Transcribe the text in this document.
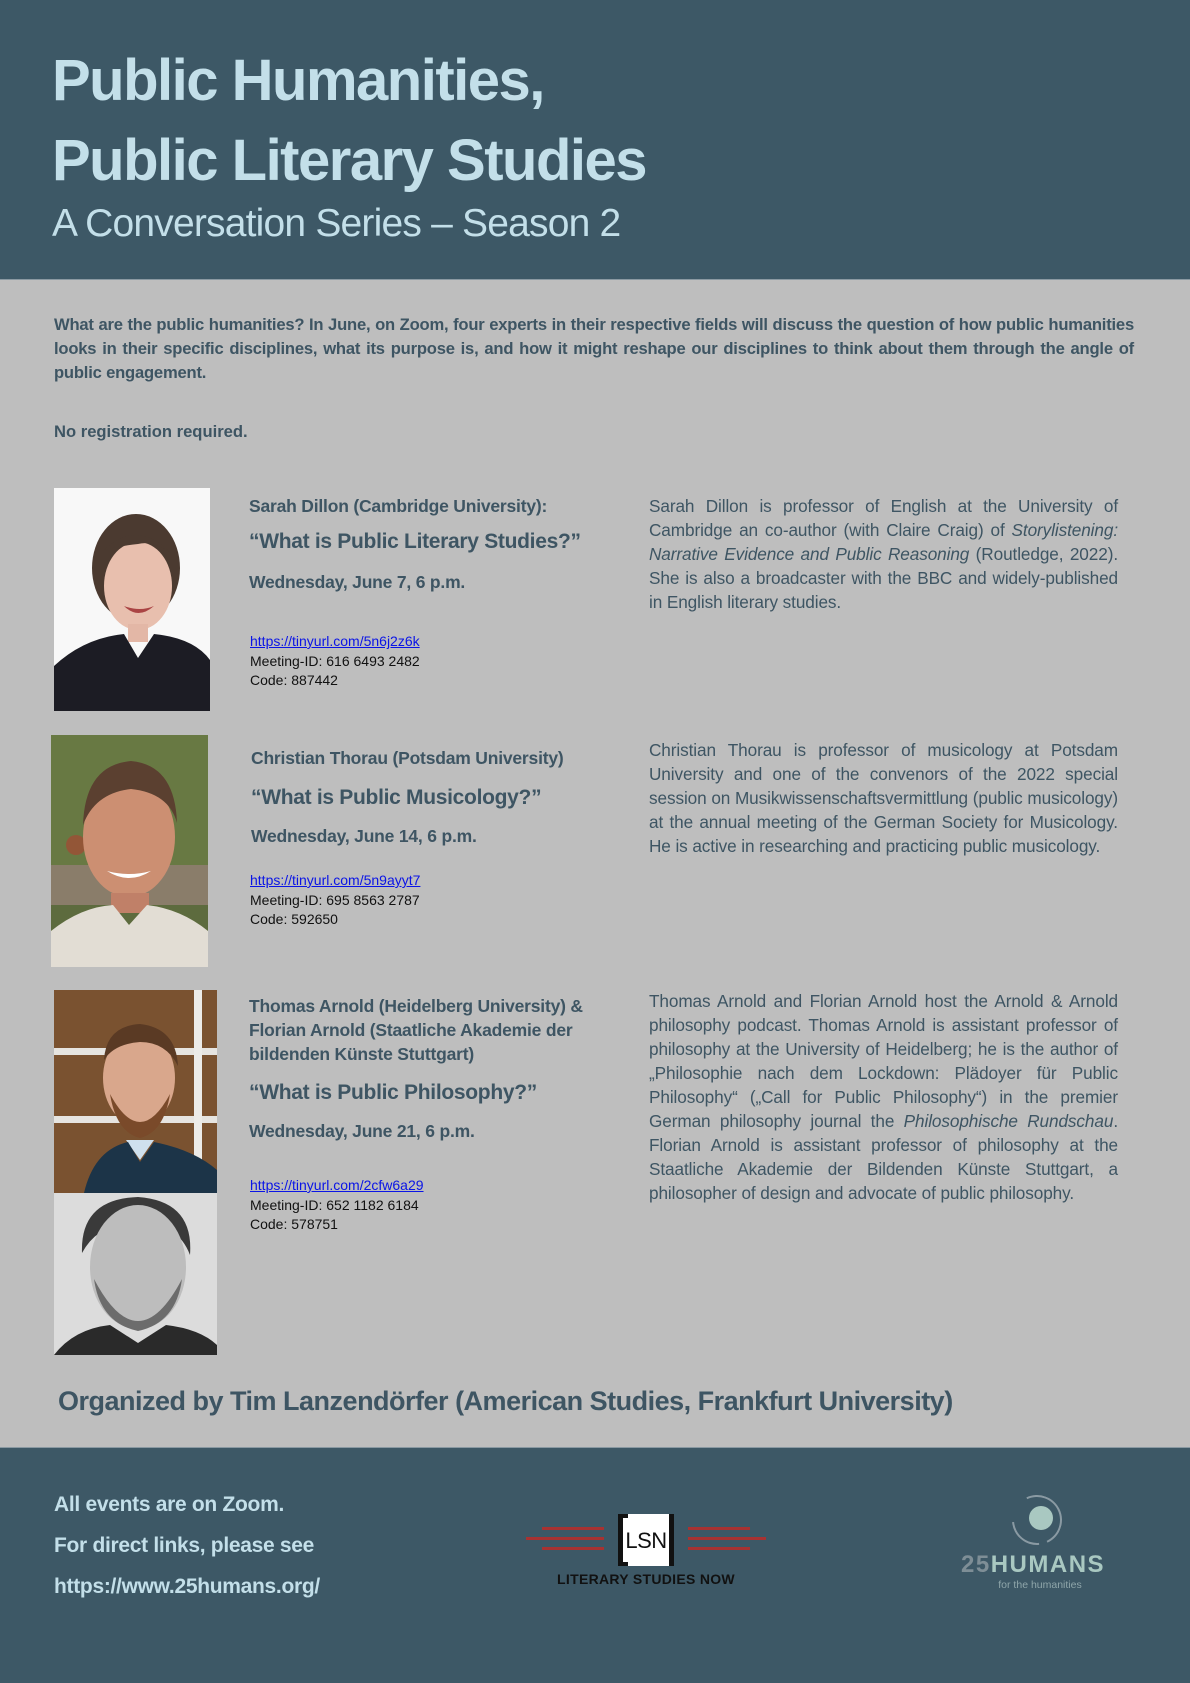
Public Humanities,
Public Literary Studies
A Conversation Series – Season 2

What are the public humanities? In June, on Zoom, four experts in their respective fields will discuss the question of how public humanities looks in their specific disciplines, what its purpose is, and how it might reshape our disciplines to think about them through the angle of public engagement.

No registration required.

Sarah Dillon (Cambridge University):
“What is Public Literary Studies?”
Wednesday, June 7, 6 p.m.
https://tinyurl.com/5n6j2z6k
Meeting-ID: 616 6493 2482
Code: 887442

Sarah Dillon is professor of English at the University of Cambridge an co-author (with Claire Craig) of Storylistening: Narrative Evidence and Public Reasoning (Routledge, 2022). She is also a broadcaster with the BBC and widely-published in English literary studies.

Christian Thorau (Potsdam University)
“What is Public Musicology?”
Wednesday, June 14, 6 p.m.
https://tinyurl.com/5n9ayyt7
Meeting-ID: 695 8563 2787
Code: 592650

Christian Thorau is professor of musicology at Potsdam University and one of the convenors of the 2022 special session on Musikwissenschaftsvermittlung (public musicology) at the annual meeting of the German Society for Musicology. He is active in researching and practicing public musicology.

Thomas Arnold (Heidelberg University) & Florian Arnold (Staatliche Akademie der bildenden Künste Stuttgart)
“What is Public Philosophy?”
Wednesday, June 21, 6 p.m.
https://tinyurl.com/2cfw6a29
Meeting-ID: 652 1182 6184
Code: 578751

Thomas Arnold and Florian Arnold host the Arnold & Arnold philosophy podcast. Thomas Arnold is assistant professor of philosophy at the University of Heidelberg; he is the author of „Philosophie nach dem Lockdown: Plädoyer für Public Philosophy“ („Call for Public Philosophy“) in the premier German philosophy journal the Philosophische Rundschau. Florian Arnold is assistant professor of philosophy at the Staatliche Akademie der Bildenden Künste Stuttgart, a philosopher of design and advocate of public philosophy.

Organized by Tim Lanzendörfer (American Studies, Frankfurt University)
All events are on Zoom.
For direct links, please see
https://www.25humans.org/
LSN
LITERARY STUDIES NOW
25HUMANS
for the humanities
